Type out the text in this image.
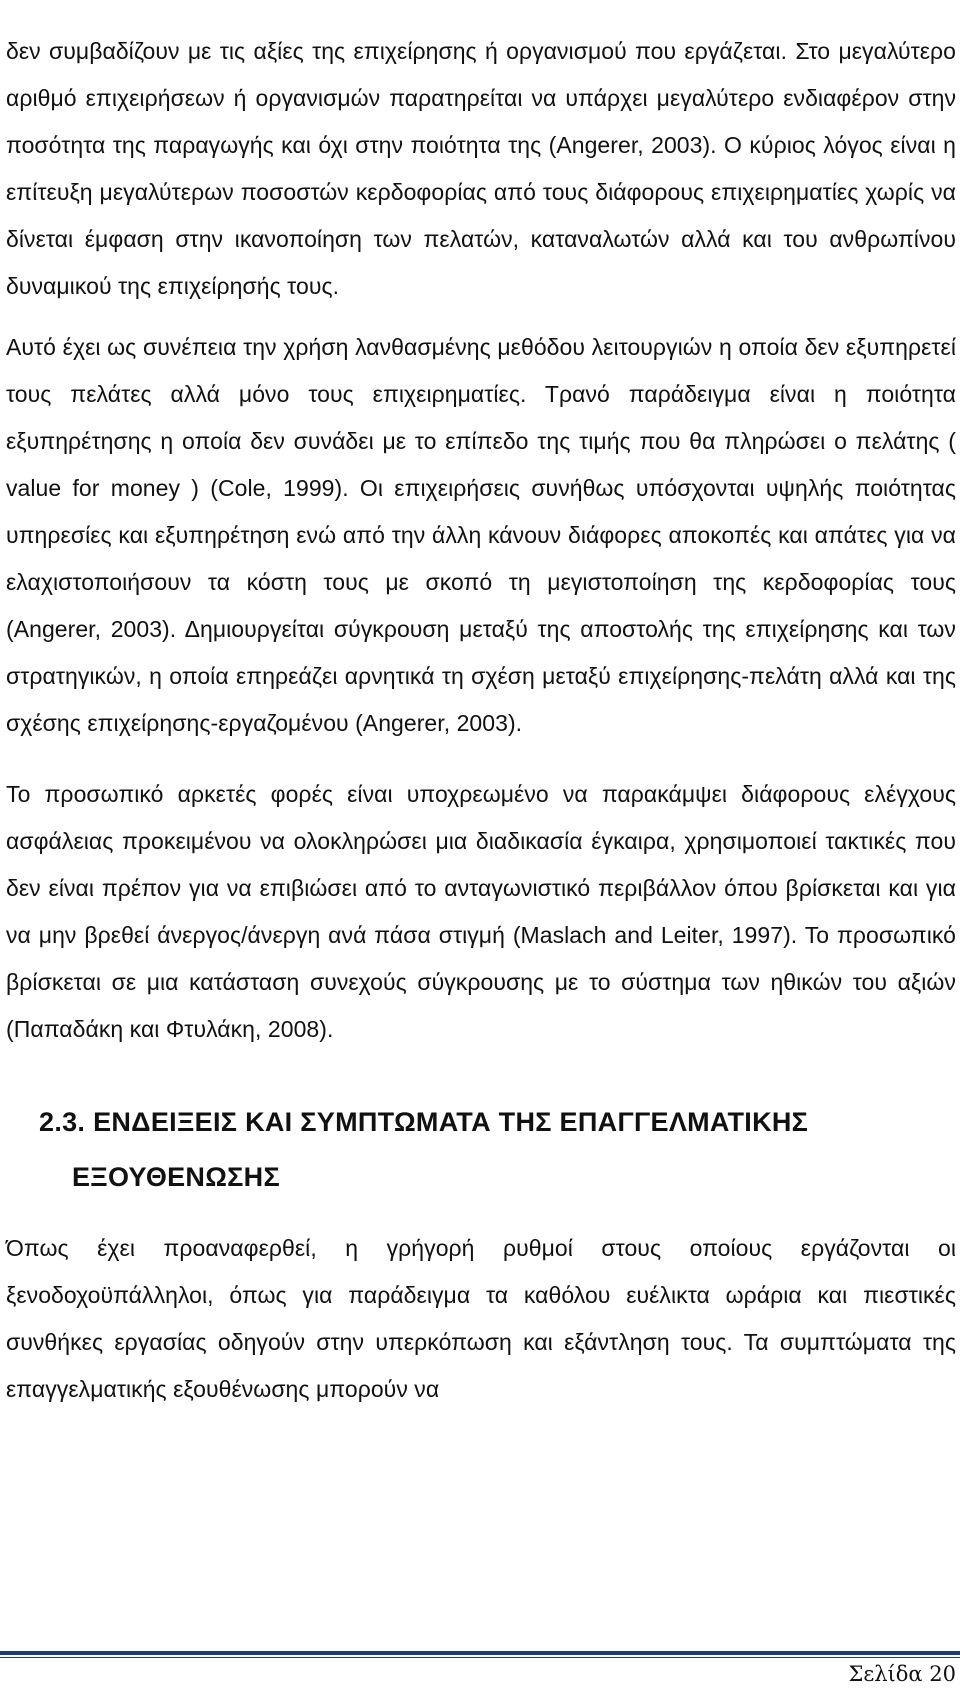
δεν συμβαδίζουν με τις αξίες της επιχείρησης ή οργανισμού που εργάζεται. Στο μεγαλύτερο αριθμό επιχειρήσεων ή οργανισμών παρατηρείται να υπάρχει μεγαλύτερο ενδιαφέρον στην ποσότητα της παραγωγής και όχι στην ποιότητα της (Angerer, 2003). Ο κύριος λόγος είναι η επίτευξη μεγαλύτερων ποσοστών κερδοφορίας από τους διάφορους επιχειρηματίες χωρίς να δίνεται έμφαση στην ικανοποίηση των πελατών, καταναλωτών αλλά και του ανθρωπίνου δυναμικού της επιχείρησής τους.

Αυτό έχει ως συνέπεια την χρήση λανθασμένης μεθόδου λειτουργιών η οποία δεν εξυπηρετεί τους πελάτες αλλά μόνο τους επιχειρηματίες. Τρανό παράδειγμα είναι η ποιότητα εξυπηρέτησης η οποία δεν συνάδει με το επίπεδο της τιμής που θα πληρώσει ο πελάτης ( value for money ) (Cole, 1999). Οι επιχειρήσεις συνήθως υπόσχονται υψηλής ποιότητας υπηρεσίες και εξυπηρέτηση ενώ από την άλλη κάνουν διάφορες αποκοπές και απάτες για να ελαχιστοποιήσουν τα κόστη τους με σκοπό τη μεγιστοποίηση της κερδοφορίας τους (Angerer, 2003). Δημιουργείται σύγκρουση μεταξύ της αποστολής της επιχείρησης και των στρατηγικών, η οποία επηρεάζει αρνητικά τη σχέση μεταξύ επιχείρησης-πελάτη αλλά και της σχέσης επιχείρησης-εργαζομένου (Angerer, 2003).

Το προσωπικό αρκετές φορές είναι υποχρεωμένο να παρακάμψει διάφορους ελέγχους ασφάλειας προκειμένου να ολοκληρώσει μια διαδικασία έγκαιρα, χρησιμοποιεί τακτικές που δεν είναι πρέπον για να επιβιώσει από το ανταγωνιστικό περιβάλλον όπου βρίσκεται και για να μην βρεθεί άνεργος/άνεργη ανά πάσα στιγμή (Maslach and Leiter, 1997). Το προσωπικό βρίσκεται σε μια κατάσταση συνεχούς σύγκρουσης με το σύστημα των ηθικών του αξιών (Παπαδάκη και Φτυλάκη, 2008).

2.3. ΕΝΔΕΙΞΕΙΣ ΚΑΙ ΣΥΜΠΤΩΜΑΤΑ ΤΗΣ ΕΠΑΓΓΕΛΜΑΤΙΚΗΣ
ΕΞΟΥΘΕΝΩΣΗΣ

Όπως έχει προαναφερθεί, η γρήγορή ρυθμοί στους οποίους εργάζονται οι ξενοδοχοϋπάλληλοι, όπως για παράδειγμα τα καθόλου ευέλικτα ωράρια και πιεστικές συνθήκες εργασίας οδηγούν στην υπερκόπωση και εξάντληση τους. Τα συμπτώματα της επαγγελματικής εξουθένωσης μπορούν να

Σελίδα 20
